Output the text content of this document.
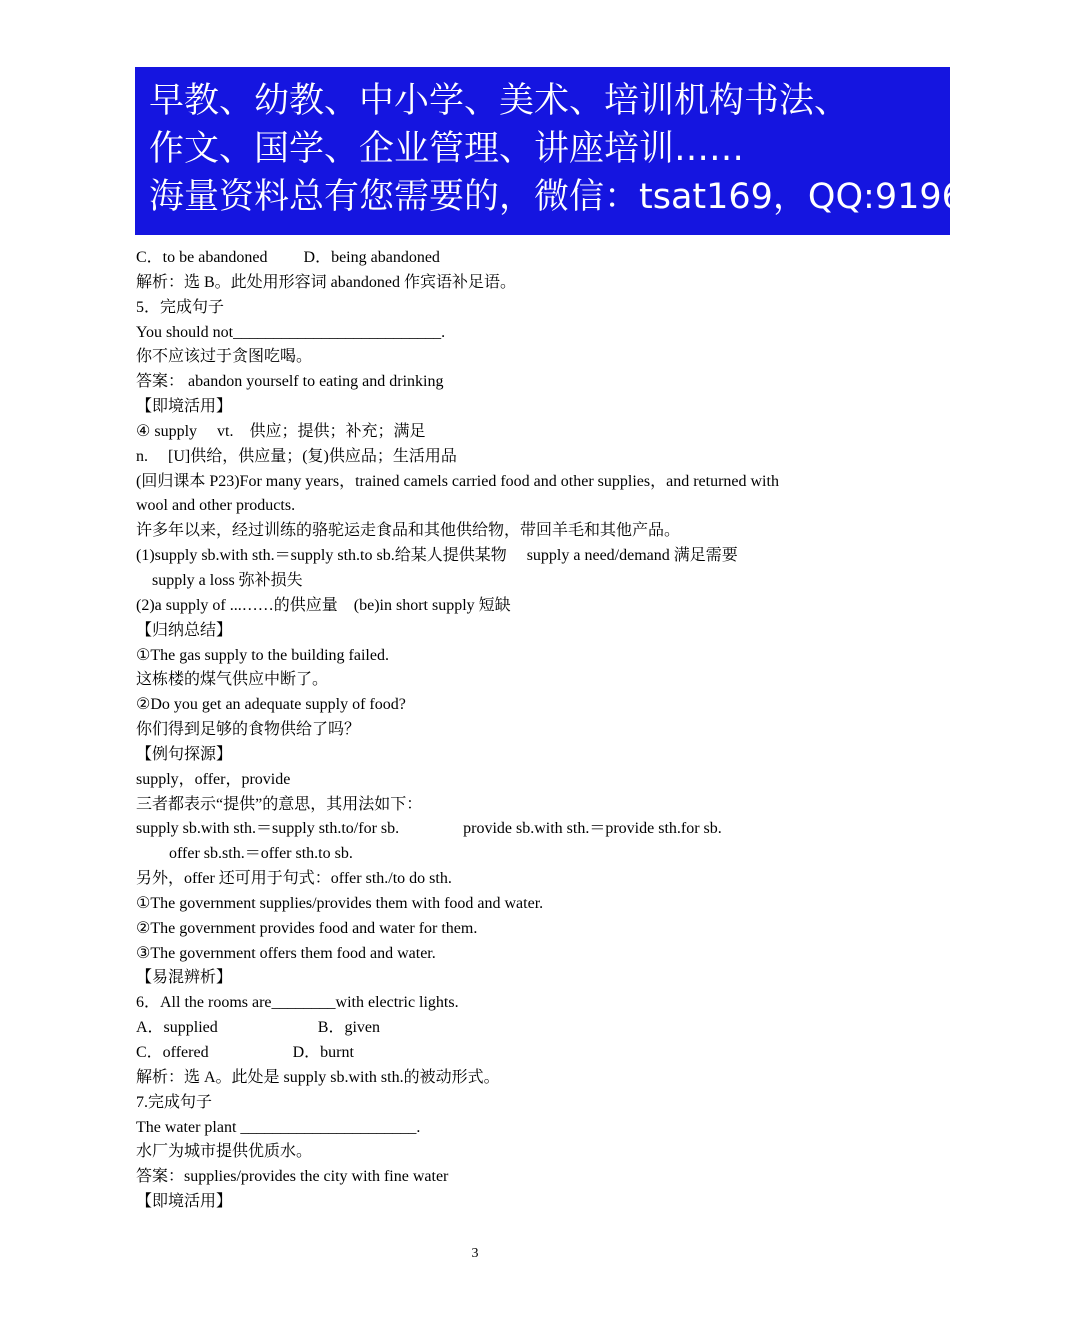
早教、幼教、中小学、美术、培训机构书法、
作文、国学、企业管理、讲座培训……
海量资料总有您需要的，微信：tsat169，QQ:919640807
C．to be abandoned　　 D．being abandoned
解析：选 B。此处用形容词 abandoned 作宾语补足语。
5．完成句子
You should not__________________________.
你不应该过于贪图吃喝。
答案： abandon yourself to eating and drinking
【即境活用】
④ supply　 vt.　供应；提供；补充；满足
n.　 [U]供给，供应量；(复)供应品；生活用品
(回归课本 P23)For many years，trained camels carried food and other supplies，and returned with
wool and other products.
许多年以来，经过训练的骆驼运走食品和其他供给物，带回羊毛和其他产品。
(1)supply sb.with sth.＝supply sth.to sb.给某人提供某物　 supply a need/demand 满足需要
supply a loss 弥补损失
(2)a supply of ...……的供应量　(be)in short supply 短缺
【归纳总结】
①The gas supply to the building failed.
这栋楼的煤气供应中断了。
②Do you get an adequate supply of food?
你们得到足够的食物供给了吗？
【例句探源】
supply，offer，provide
三者都表示“提供”的意思，其用法如下：
supply sb.with sth.＝supply sth.to/for sb.　　　　provide sb.with sth.＝provide sth.for sb.
offer sb.sth.＝offer sth.to sb.
另外，offer 还可用于句式：offer sth./to do sth.
①The government supplies/provides them with food and water.
②The government provides food and water for them.
③The government offers them food and water.
【易混辨析】
6．All the rooms are________with electric lights.
A．supplied　　　　　　 B．given
C．offered　　　　　 D．burnt
解析：选 A。此处是 supply sb.with sth.的被动形式。
7.完成句子
The water plant ______________________.
水厂为城市提供优质水。
答案：supplies/provides the city with fine water
【即境活用】
3
